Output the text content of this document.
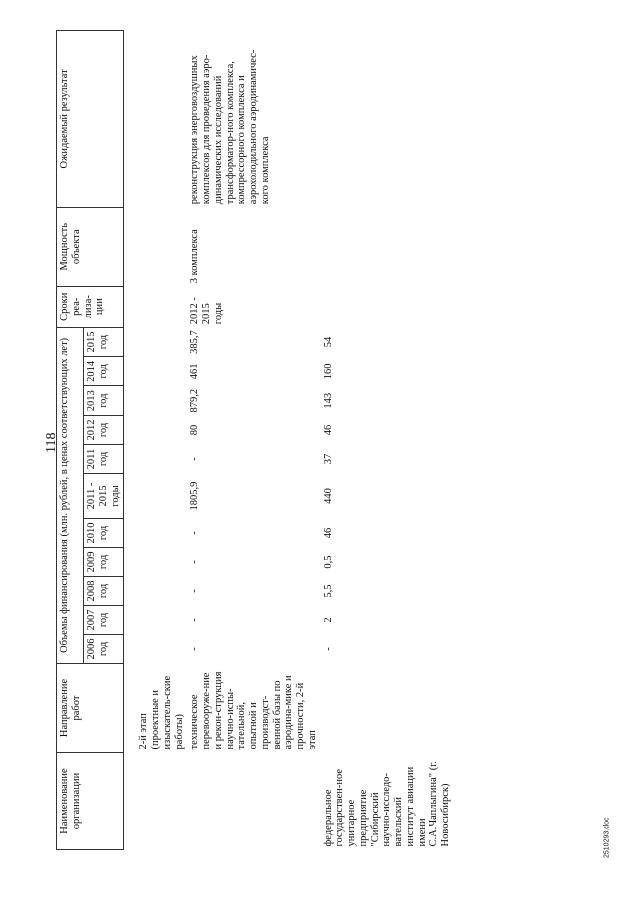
118
2510293.doc
Наименование организации	Направление работ	Объемы финансирования (млн. рублей, в ценах соответствующих лет)											Сроки реа-лиза-ции	Мощность объекта	Ожидаемый результат
		2006 год	2007 год	2008 год	2009 год	2010 год	2011 - 2015 годы	2011 год	2012 год	2013 год	2014 год	2015 год			
	2-й этап (проектные и изыскатель-ские работы)														
	техническое перевооруже-ние и рекон-струкция научно-испы-тательной, опытной и производст-венной базы по аэродина-мике и прочности, 2-й этап	-	-	-	-	-	1805,9	-	80	879,2	461	385,7	2012 - 2015 годы	3 комплекса	реконструкция энерговоздушных комплексов для проведения аэро-динамических исследований трансформатор-ного комплекса, компрессорного комплекса и аэрохолодильного аэродинамичес-кого комплекса
федеральное государствен-ное унитарное предприятие "Сибирский научно-исследо-вательский институт авиации имени С.А.Чаплыгина" (г. Новосибирск)		-	2	5,5	0,5	46	440	37	46	143	160	54			
